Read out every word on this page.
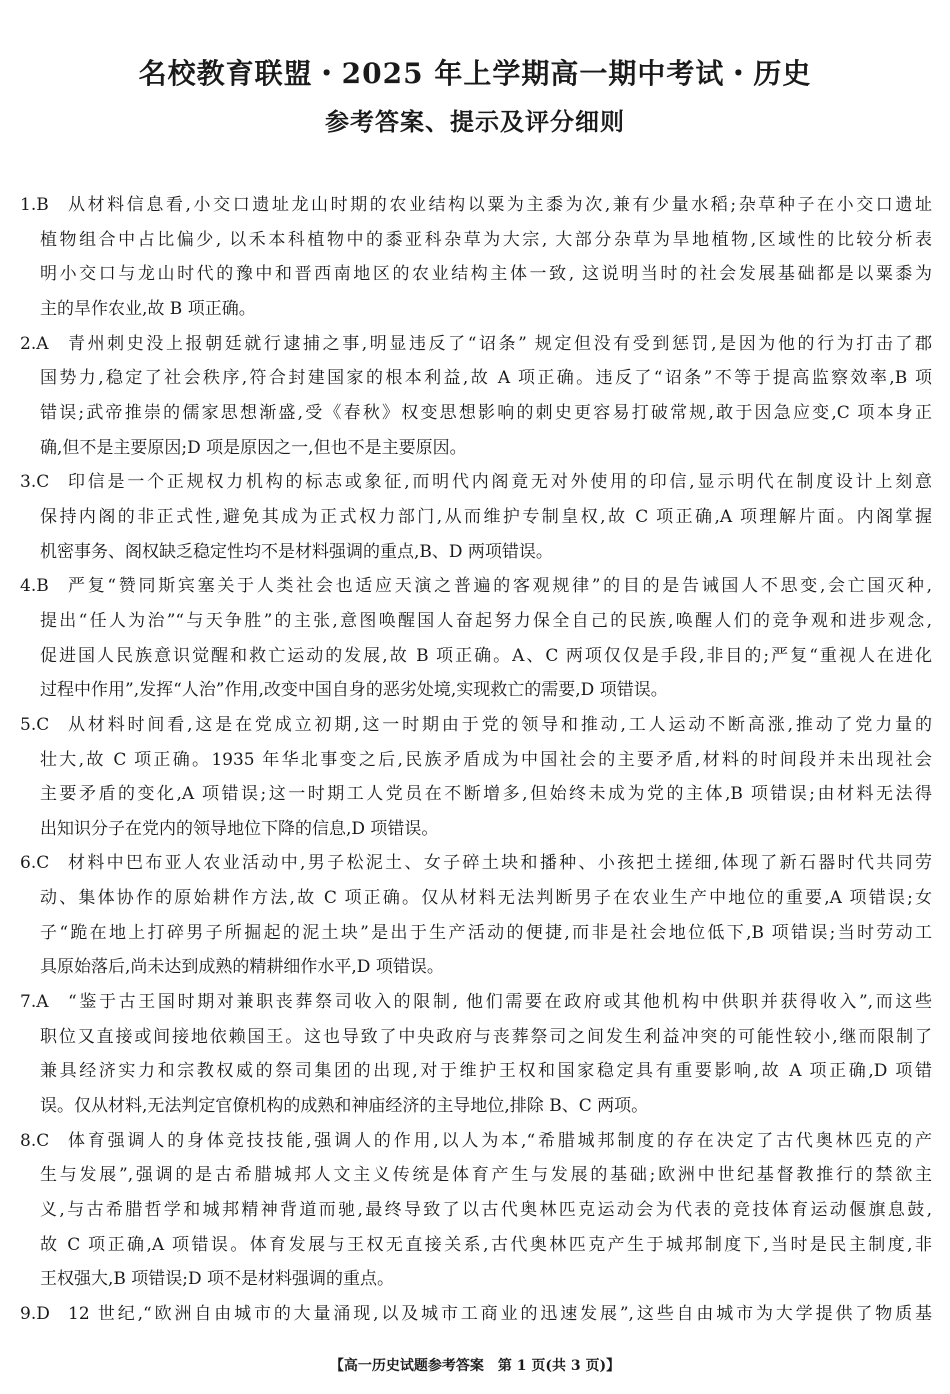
名校教育联盟・2025 年上学期高一期中考试・历史
参考答案、提示及评分细则
1.B	从材料信息看,小交口遗址龙山时期的农业结构以粟为主黍为次,兼有少量水稻;杂草种子在小交口遗址
植物组合中占比偏少, 以禾本科植物中的黍亚科杂草为大宗, 大部分杂草为旱地植物,区域性的比较分析表
明小交口与龙山时代的豫中和晋西南地区的农业结构主体一致, 这说明当时的社会发展基础都是以粟黍为
主的旱作农业,故 B 项正确。
2.A	青州刺史没上报朝廷就行逮捕之事,明显违反了“诏条” 规定但没有受到惩罚,是因为他的行为打击了郡
国势力,稳定了社会秩序,符合封建国家的根本利益,故 A 项正确。违反了“诏条”不等于提高监察效率,B 项
错误;武帝推崇的儒家思想渐盛,受《春秋》权变思想影响的刺史更容易打破常规,敢于因急应变,C 项本身正
确,但不是主要原因;D 项是原因之一,但也不是主要原因。
3.C	印信是一个正规权力机构的标志或象征,而明代内阁竟无对外使用的印信,显示明代在制度设计上刻意
保持内阁的非正式性,避免其成为正式权力部门,从而维护专制皇权,故 C 项正确,A 项理解片面。内阁掌握
机密事务、阁权缺乏稳定性均不是材料强调的重点,B、D 两项错误。
4.B	严复“赞同斯宾塞关于人类社会也适应天演之普遍的客观规律”的目的是告诫国人不思变,会亡国灭种,
提出“任人为治”“与天争胜”的主张,意图唤醒国人奋起努力保全自己的民族,唤醒人们的竞争观和进步观念,
促进国人民族意识觉醒和救亡运动的发展,故 B 项正确。A、C 两项仅仅是手段,非目的;严复“重视人在进化
过程中作用”,发挥“人治”作用,改变中国自身的恶劣处境,实现救亡的需要,D 项错误。
5.C	从材料时间看,这是在党成立初期,这一时期由于党的领导和推动,工人运动不断高涨,推动了党力量的
壮大,故 C 项正确。1935 年华北事变之后,民族矛盾成为中国社会的主要矛盾,材料的时间段并未出现社会
主要矛盾的变化,A 项错误;这一时期工人党员在不断增多,但始终未成为党的主体,B 项错误;由材料无法得
出知识分子在党内的领导地位下降的信息,D 项错误。
6.C	材料中巴布亚人农业活动中,男子松泥土、女子碎土块和播种、小孩把土搓细,体现了新石器时代共同劳
动、集体协作的原始耕作方法,故 C 项正确。仅从材料无法判断男子在农业生产中地位的重要,A 项错误;女
子“跪在地上打碎男子所掘起的泥土块”是出于生产活动的便捷,而非是社会地位低下,B 项错误;当时劳动工
具原始落后,尚未达到成熟的精耕细作水平,D 项错误。
7.A	“鉴于古王国时期对兼职丧葬祭司收入的限制, 他们需要在政府或其他机构中供职并获得收入”,而这些
职位又直接或间接地依赖国王。这也导致了中央政府与丧葬祭司之间发生利益冲突的可能性较小,继而限制了
兼具经济实力和宗教权威的祭司集团的出现,对于维护王权和国家稳定具有重要影响,故 A 项正确,D 项错
误。仅从材料,无法判定官僚机构的成熟和神庙经济的主导地位,排除 B、C 两项。
8.C	体育强调人的身体竞技技能,强调人的作用,以人为本,“希腊城邦制度的存在决定了古代奥林匹克的产
生与发展”,强调的是古希腊城邦人文主义传统是体育产生与发展的基础;欧洲中世纪基督教推行的禁欲主
义,与古希腊哲学和城邦精神背道而驰,最终导致了以古代奥林匹克运动会为代表的竞技体育运动偃旗息鼓,
故 C 项正确,A 项错误。体育发展与王权无直接关系,古代奥林匹克产生于城邦制度下,当时是民主制度,非
王权强大,B 项错误;D 项不是材料强调的重点。
9.D	12 世纪,“欧洲自由城市的大量涌现,以及城市工商业的迅速发展”,这些自由城市为大学提供了物质基
【高一历史试题参考答案　第 1 页(共 3 页)】
